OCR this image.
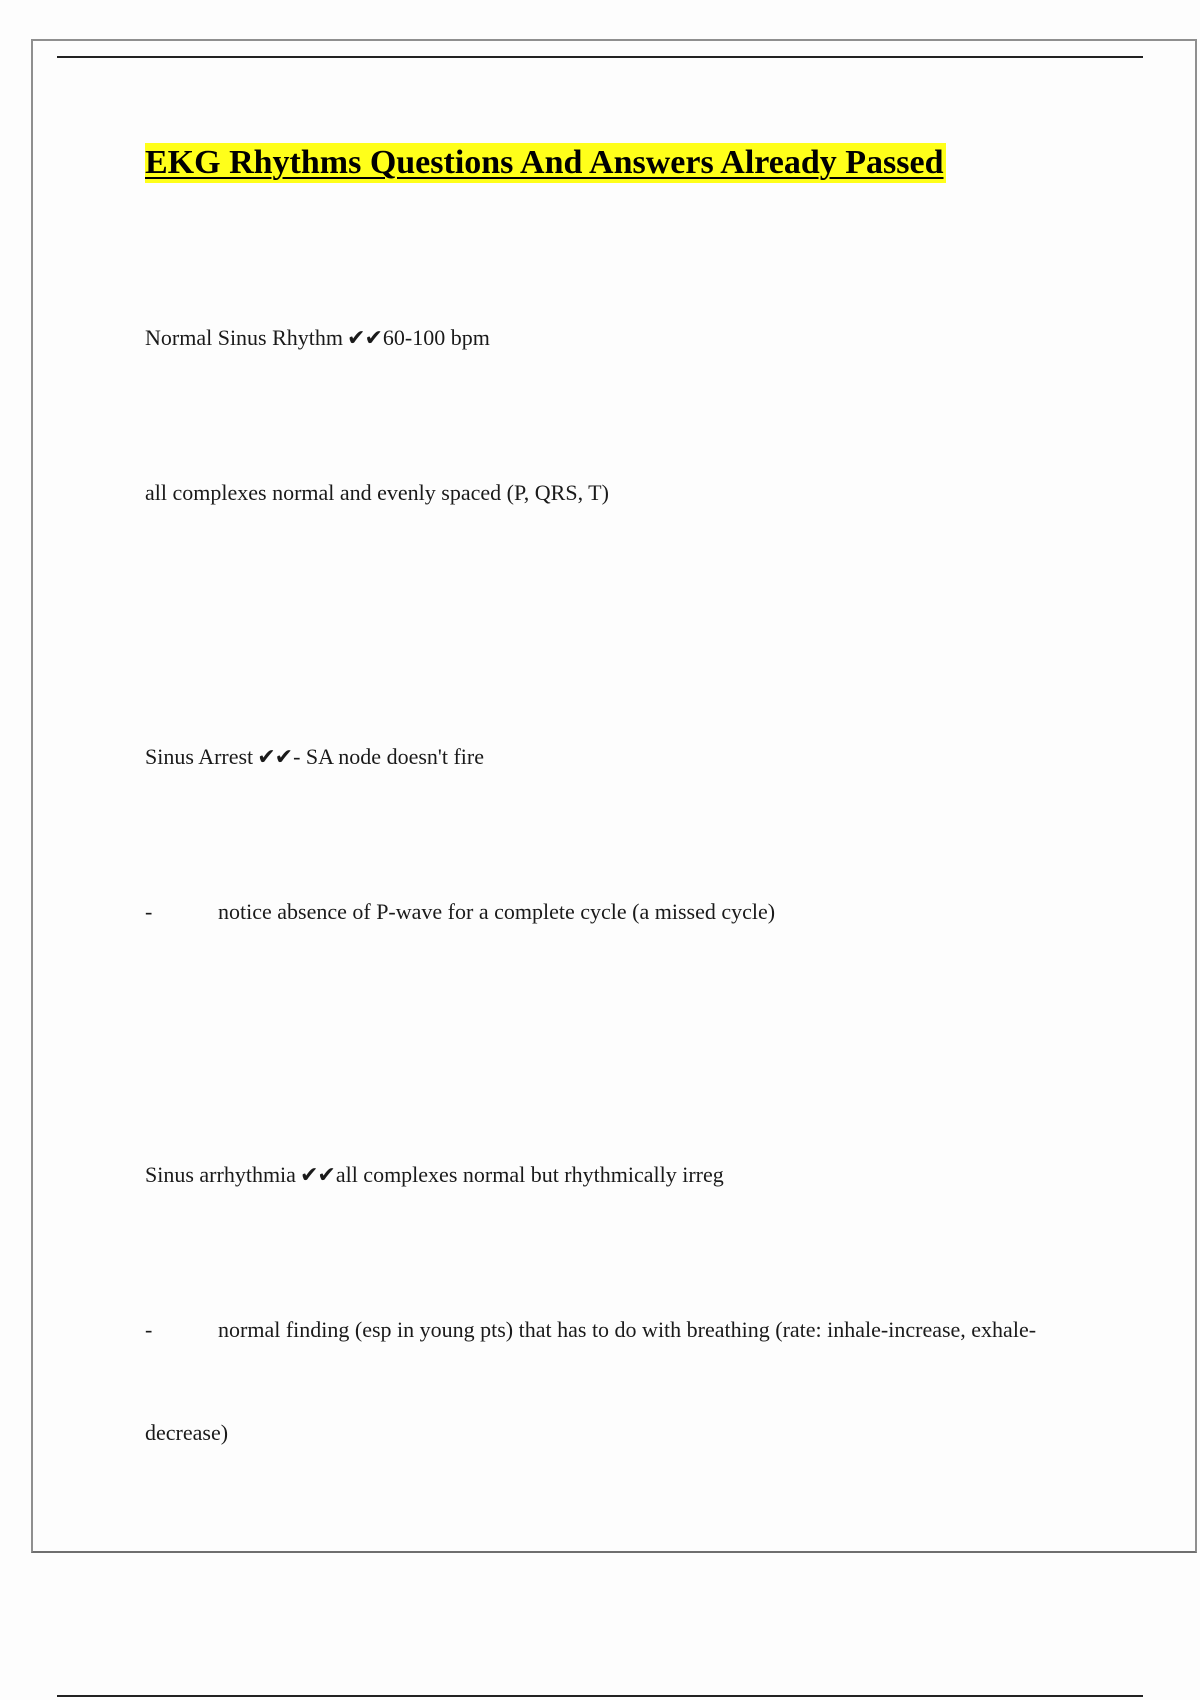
EKG Rhythms Questions And Answers Already Passed
Normal Sinus Rhythm ✔✔60-100 bpm
all complexes normal and evenly spaced (P, QRS, T)
Sinus Arrest ✔✔- SA node doesn't fire
-	notice absence of P-wave for a complete cycle (a missed cycle)
Sinus arrhythmia ✔✔all complexes normal but rhythmically irreg
-	normal finding (esp in young pts) that has to do with breathing (rate: inhale-increase, exhale-
decrease)
